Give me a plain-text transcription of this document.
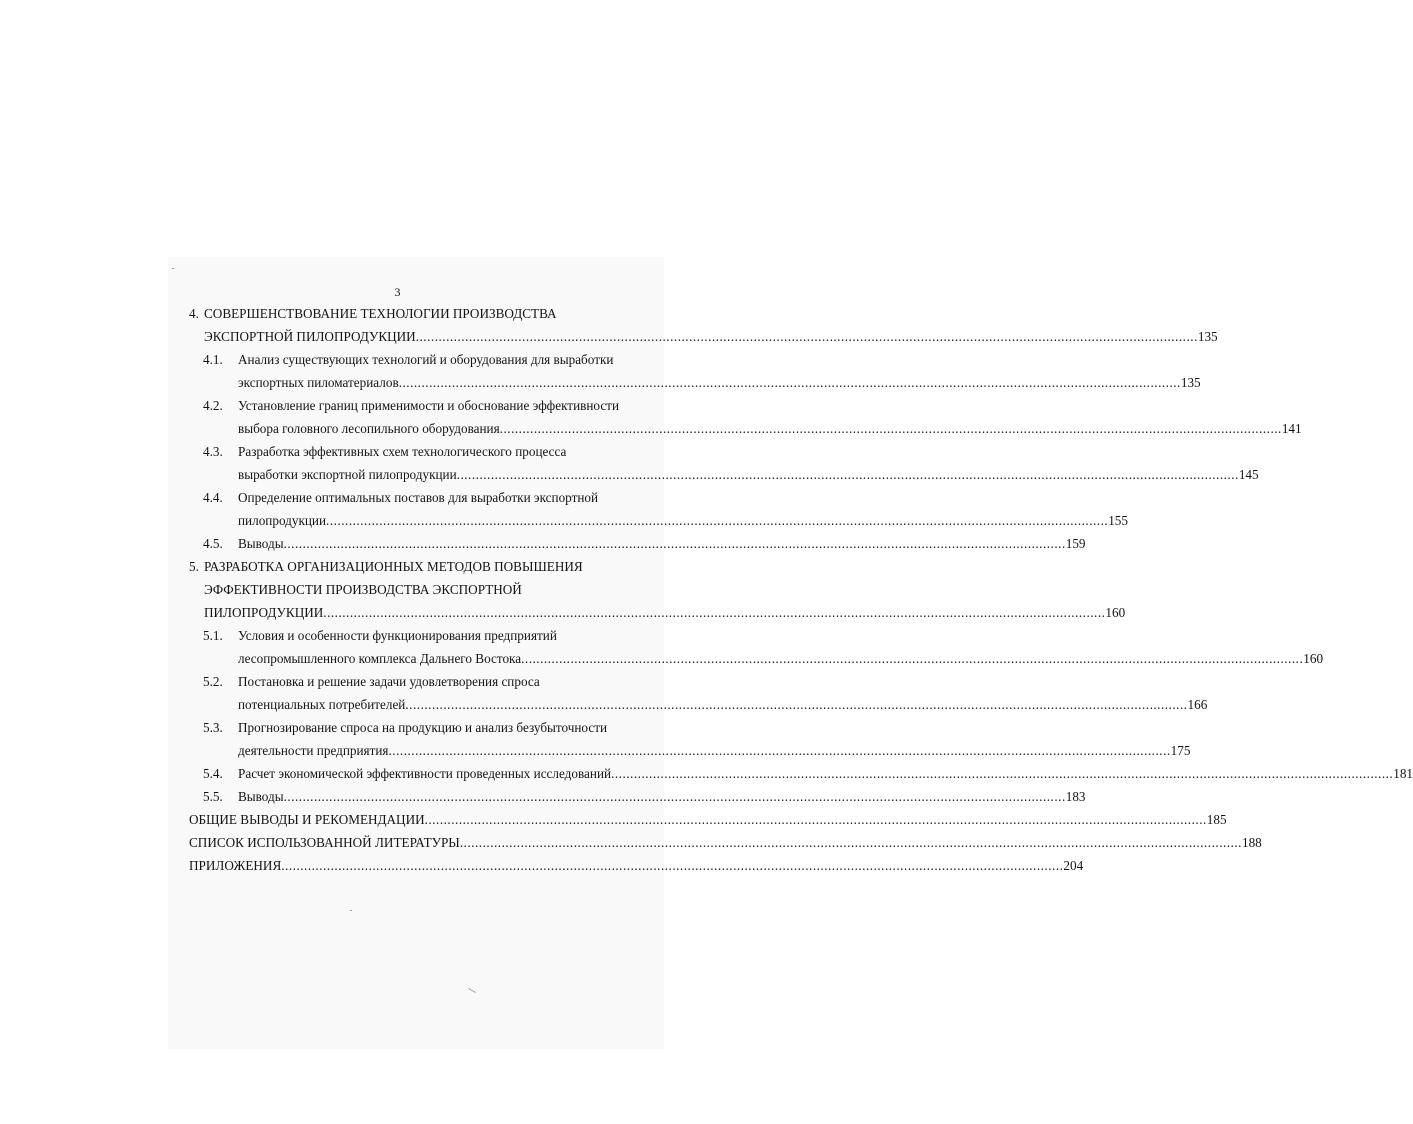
3
4. СОВЕРШЕНСТВОВАНИЕ ТЕХНОЛОГИИ ПРОИЗВОДСТВА
ЭКСПОРТНОЙ ПИЛОПРОДУКЦИИ .............................................................................................................................................................................................................. 135
4.1. Анализ существующих технологий и оборудования для выработки
экспортных пиломатериалов .............................................................................................................................................................................................................. 135
4.2. Установление границ применимости и обоснование эффективности
выбора головного лесопильного оборудования .............................................................................................................................................................................................................. 141
4.3. Разработка эффективных схем технологического процесса
выработки экспортной пилопродукции .............................................................................................................................................................................................................. 145
4.4. Определение оптимальных поставов для выработки экспортной
пилопродукции .............................................................................................................................................................................................................. 155
4.5. Выводы .............................................................................................................................................................................................................. 159
5. РАЗРАБОТКА ОРГАНИЗАЦИОННЫХ МЕТОДОВ ПОВЫШЕНИЯ
ЭФФЕКТИВНОСТИ ПРОИЗВОДСТВА ЭКСПОРТНОЙ
ПИЛОПРОДУКЦИИ .............................................................................................................................................................................................................. 160
5.1. Условия и особенности функционирования предприятий
лесопромышленного комплекса Дальнего Востока .............................................................................................................................................................................................................. 160
5.2. Постановка и решение задачи удовлетворения спроса
потенциальных потребителей .............................................................................................................................................................................................................. 166
5.3. Прогнозирование спроса на продукцию и анализ безубыточности
деятельности предприятия .............................................................................................................................................................................................................. 175
5.4. Расчет экономической эффективности проведенных исследований .............................................................................................................................................................................................................. 181
5.5. Выводы .............................................................................................................................................................................................................. 183
ОБЩИЕ ВЫВОДЫ И РЕКОМЕНДАЦИИ .............................................................................................................................................................................................................. 185
СПИСОК ИСПОЛЬЗОВАННОЙ ЛИТЕРАТУРЫ .............................................................................................................................................................................................................. 188
ПРИЛОЖЕНИЯ .............................................................................................................................................................................................................. 204
